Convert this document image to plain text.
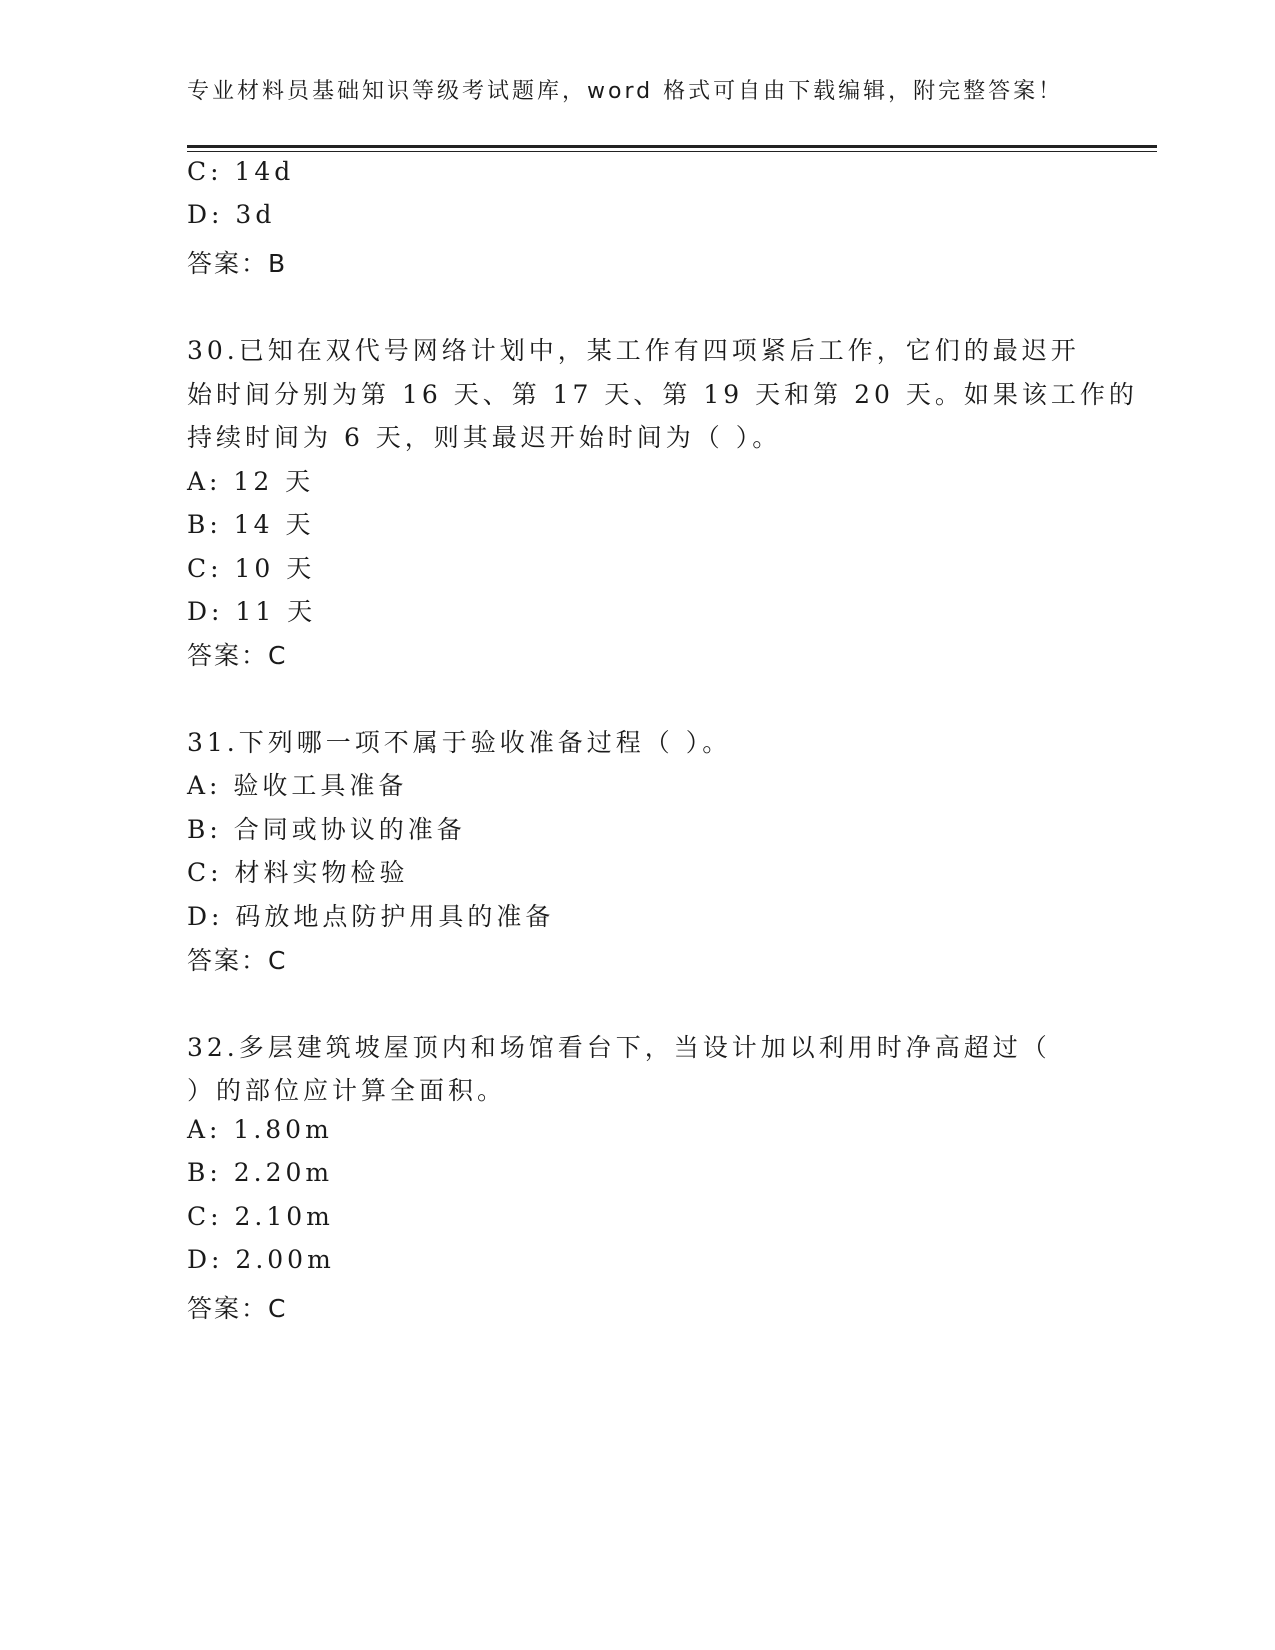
专业材料员基础知识等级考试题库，word 格式可自由下载编辑，附完整答案！
C: 14d
D: 3d
答案：B
30.已知在双代号网络计划中，某工作有四项紧后工作，它们的最迟开
始时间分别为第 16 天、第 17 天、第 19 天和第 20 天。如果该工作的
持续时间为 6 天，则其最迟开始时间为（ ）。
A: 12 天
B: 14 天
C: 10 天
D: 11 天
答案：C
31.下列哪一项不属于验收准备过程（ ）。
A: 验收工具准备
B: 合同或协议的准备
C: 材料实物检验
D: 码放地点防护用具的准备
答案：C
32.多层建筑坡屋顶内和场馆看台下，当设计加以利用时净高超过（
）的部位应计算全面积。
A: 1.80m
B: 2.20m
C: 2.10m
D: 2.00m
答案：C
